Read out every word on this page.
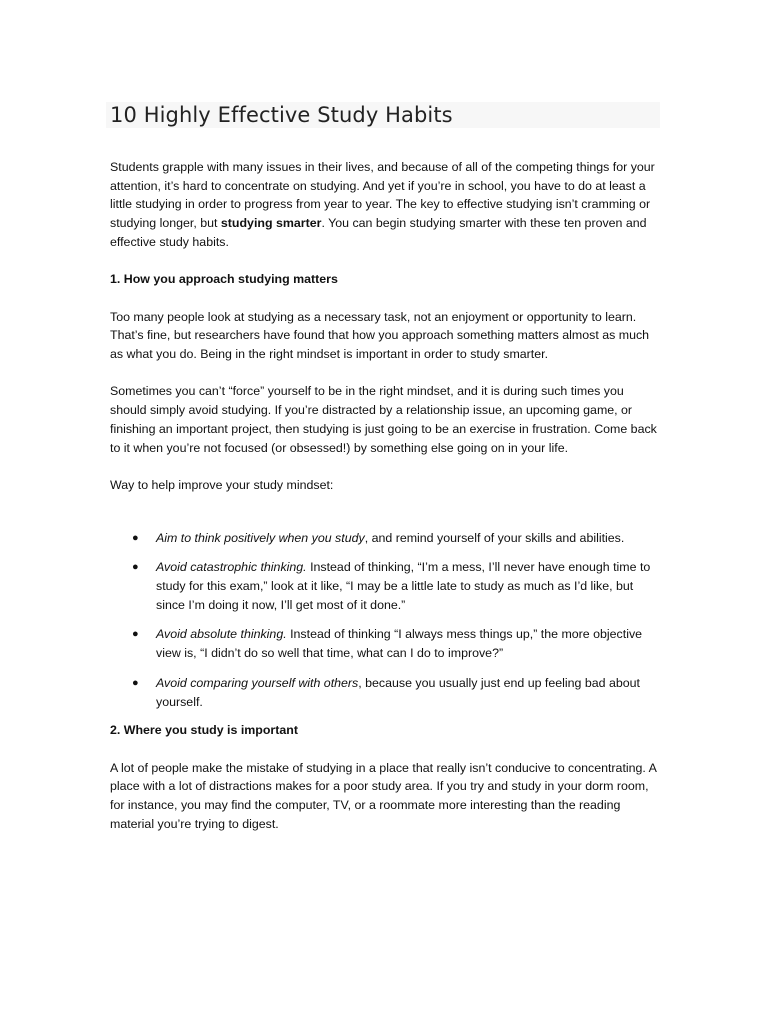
10 Highly Effective Study Habits

Students grapple with many issues in their lives, and because of all of the competing things for your attention, it’s hard to concentrate on studying. And yet if you’re in school, you have to do at least a little studying in order to progress from year to year. The key to effective studying isn’t cramming or studying longer, but studying smarter. You can begin studying smarter with these ten proven and effective study habits.

1. How you approach studying matters

Too many people look at studying as a necessary task, not an enjoyment or opportunity to learn. That’s fine, but researchers have found that how you approach something matters almost as much as what you do. Being in the right mindset is important in order to study smarter.

Sometimes you can’t “force” yourself to be in the right mindset, and it is during such times you should simply avoid studying. If you’re distracted by a relationship issue, an upcoming game, or finishing an important project, then studying is just going to be an exercise in frustration. Come back to it when you’re not focused (or obsessed!) by something else going on in your life.

Way to help improve your study mindset:

● Aim to think positively when you study, and remind yourself of your skills and abilities.
● Avoid catastrophic thinking. Instead of thinking, “I’m a mess, I’ll never have enough time to study for this exam,” look at it like, “I may be a little late to study as much as I’d like, but since I’m doing it now, I’ll get most of it done.”
● Avoid absolute thinking. Instead of thinking “I always mess things up,” the more objective view is, “I didn’t do so well that time, what can I do to improve?”
● Avoid comparing yourself with others, because you usually just end up feeling bad about yourself.

2. Where you study is important

A lot of people make the mistake of studying in a place that really isn’t conducive to concentrating. A place with a lot of distractions makes for a poor study area. If you try and study in your dorm room, for instance, you may find the computer, TV, or a roommate more interesting than the reading material you’re trying to digest.
